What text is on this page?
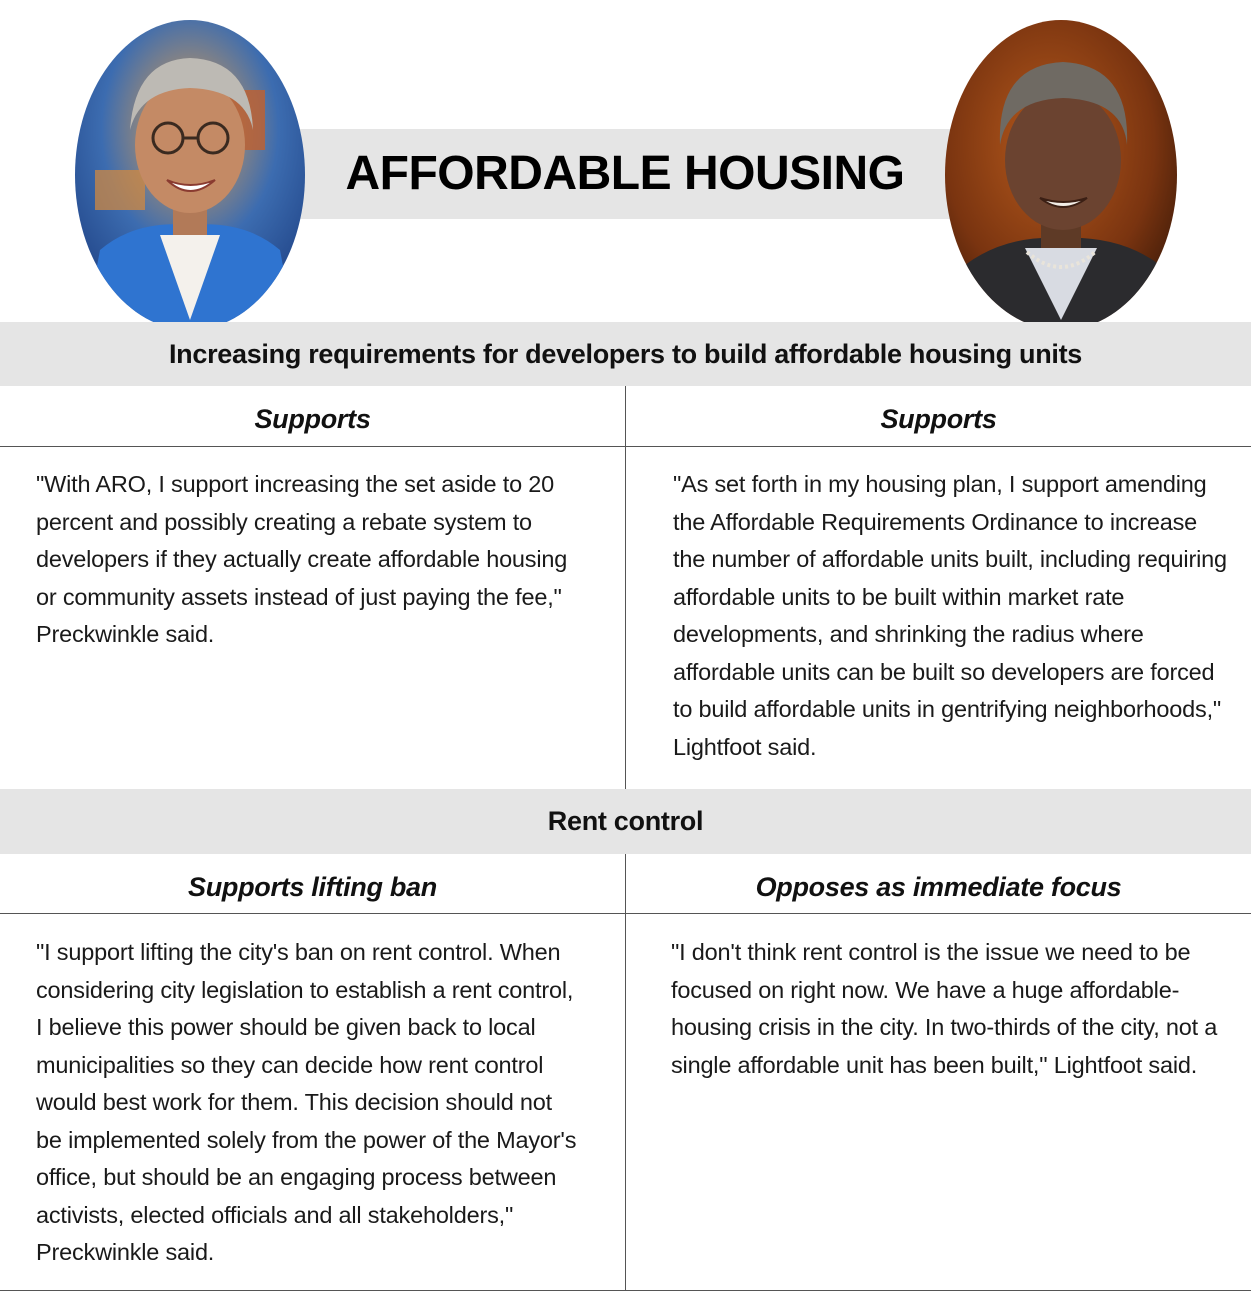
AFFORDABLE HOUSING
Increasing requirements for developers to build affordable housing units
Supports	Supports

"With ARO, I support increasing the set aside to 20 percent and possibly creating a rebate system to developers if they actually create affordable housing or community assets instead of just paying the fee," Preckwinkle said.

"As set forth in my housing plan, I support amending the Affordable Requirements Ordinance to increase the number of affordable units built, including requiring affordable units to be built within market rate developments, and shrinking the radius where affordable units can be built so developers are forced to build affordable units in gentrifying neighborhoods," Lightfoot said.

Rent control
Supports lifting ban	Opposes as immediate focus

"I support lifting the city's ban on rent control. When considering city legislation to establish a rent control, I believe this power should be given back to local municipalities so they can decide how rent control would best work for them. This decision should not be implemented solely from the power of the Mayor's office, but should be an engaging process between activists, elected officials and all stakeholders," Preckwinkle said.

"I don't think rent control is the issue we need to be focused on right now. We have a huge affordable-housing crisis in the city. In two-thirds of the city, not a single affordable unit has been built," Lightfoot said.
